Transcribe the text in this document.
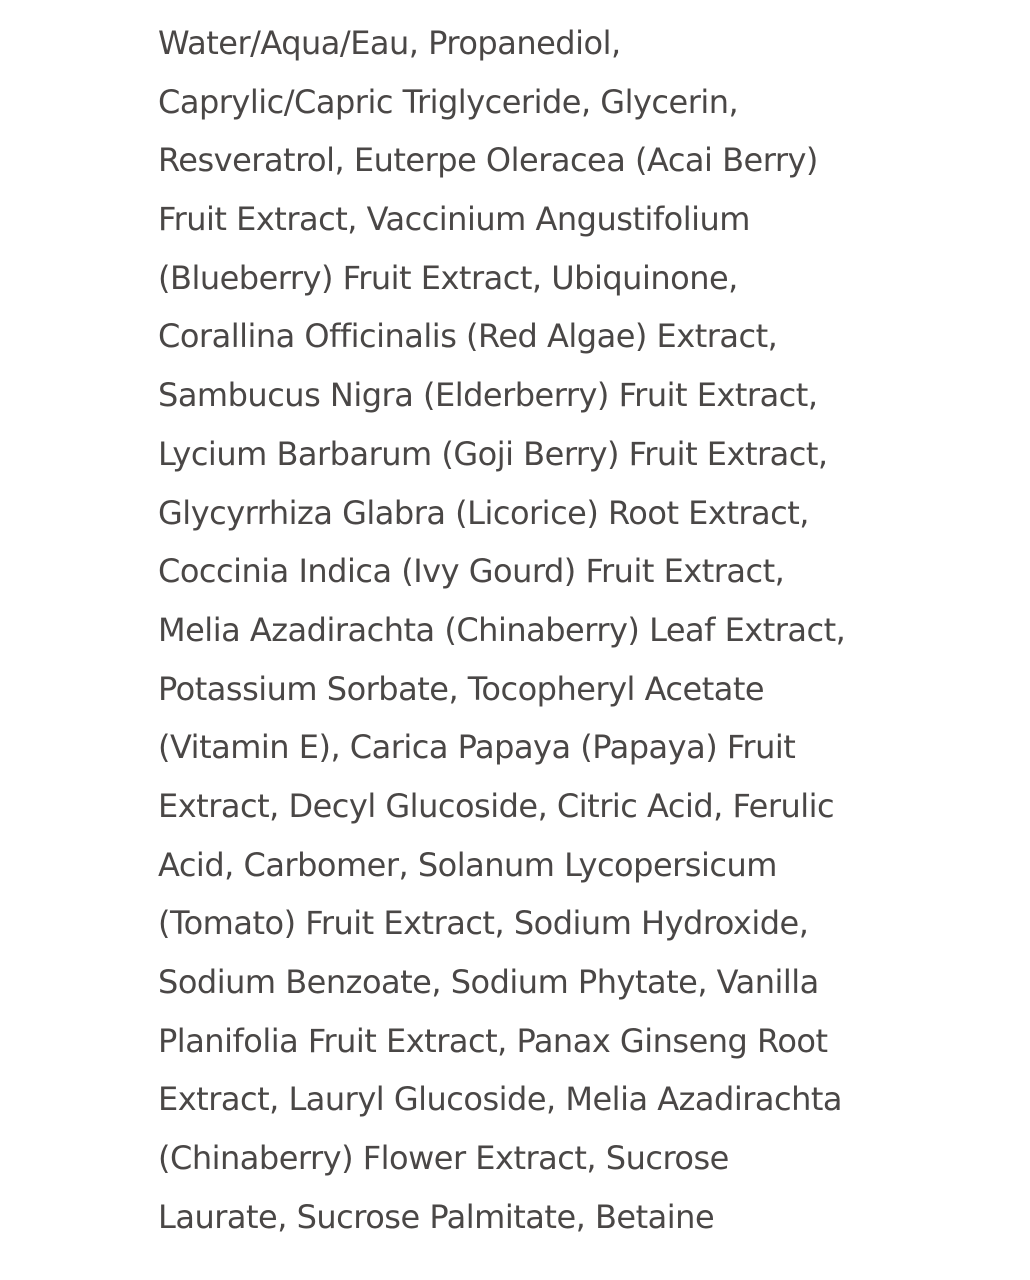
Water/Aqua/Eau, Propanediol,
Caprylic/Capric Triglyceride, Glycerin,
Resveratrol, Euterpe Oleracea (Acai Berry)
Fruit Extract, Vaccinium Angustifolium
(Blueberry) Fruit Extract, Ubiquinone,
Corallina Officinalis (Red Algae) Extract,
Sambucus Nigra (Elderberry) Fruit Extract,
Lycium Barbarum (Goji Berry) Fruit Extract,
Glycyrrhiza Glabra (Licorice) Root Extract,
Coccinia Indica (Ivy Gourd) Fruit Extract,
Melia Azadirachta (Chinaberry) Leaf Extract,
Potassium Sorbate, Tocopheryl Acetate
(Vitamin E), Carica Papaya (Papaya) Fruit
Extract, Decyl Glucoside, Citric Acid, Ferulic
Acid, Carbomer, Solanum Lycopersicum
(Tomato) Fruit Extract, Sodium Hydroxide,
Sodium Benzoate, Sodium Phytate, Vanilla
Planifolia Fruit Extract, Panax Ginseng Root
Extract, Lauryl Glucoside, Melia Azadirachta
(Chinaberry) Flower Extract, Sucrose
Laurate, Sucrose Palmitate, Betaine
